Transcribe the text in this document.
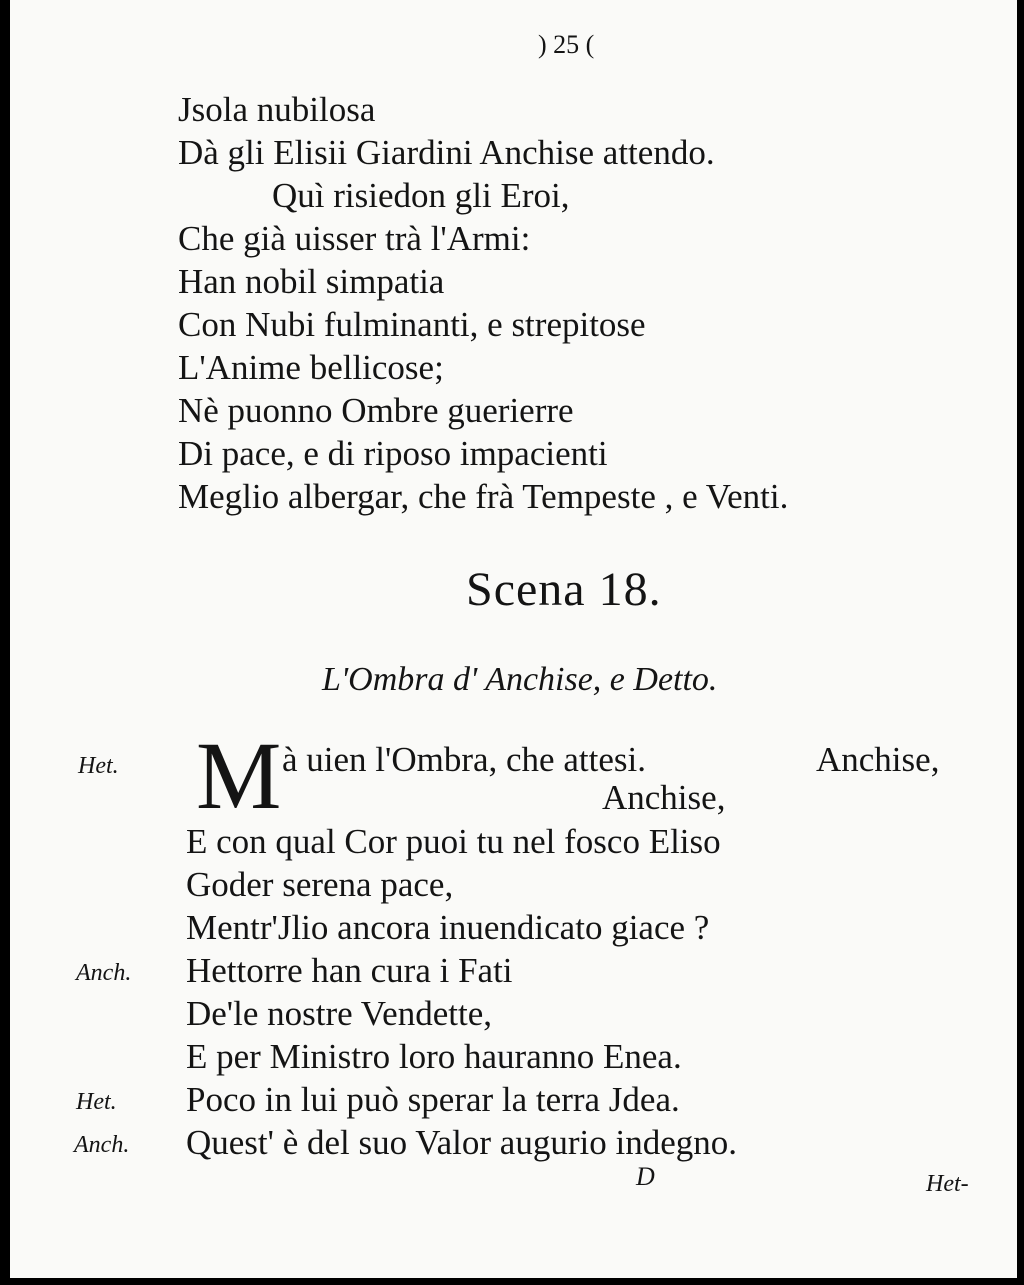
) 25 (
Jsola nubilosa
Dà gli Elisii Giardini Anchise attendo.
Quì risiedon gli Eroi,
Che già uisser trà l'Armi:
Han nobil simpatia
Con Nubi fulminanti, e strepitose
L'Anime bellicose;
Nè puonno Ombre guerierre
Di pace, e di riposo impacienti
Meglio albergar, che frà Tempeste , e Venti.
Scena 18.
L'Ombra d' Anchise, e Detto.
Het. M à uien l'Ombra, che attesi.	Anchise,
Anchise,
E con qual Cor puoi tu nel fosco Eliso
Goder serena pace,
Mentr'Jlio ancora inuendicato giace ?
Anch. Hettorre han cura i Fati
De'le nostre Vendette,
E per Ministro loro hauranno Enea.
Het. Poco in lui può sperar la terra Jdea.
Anch. Quest' è del suo Valor augurio indegno.
D	Het-
